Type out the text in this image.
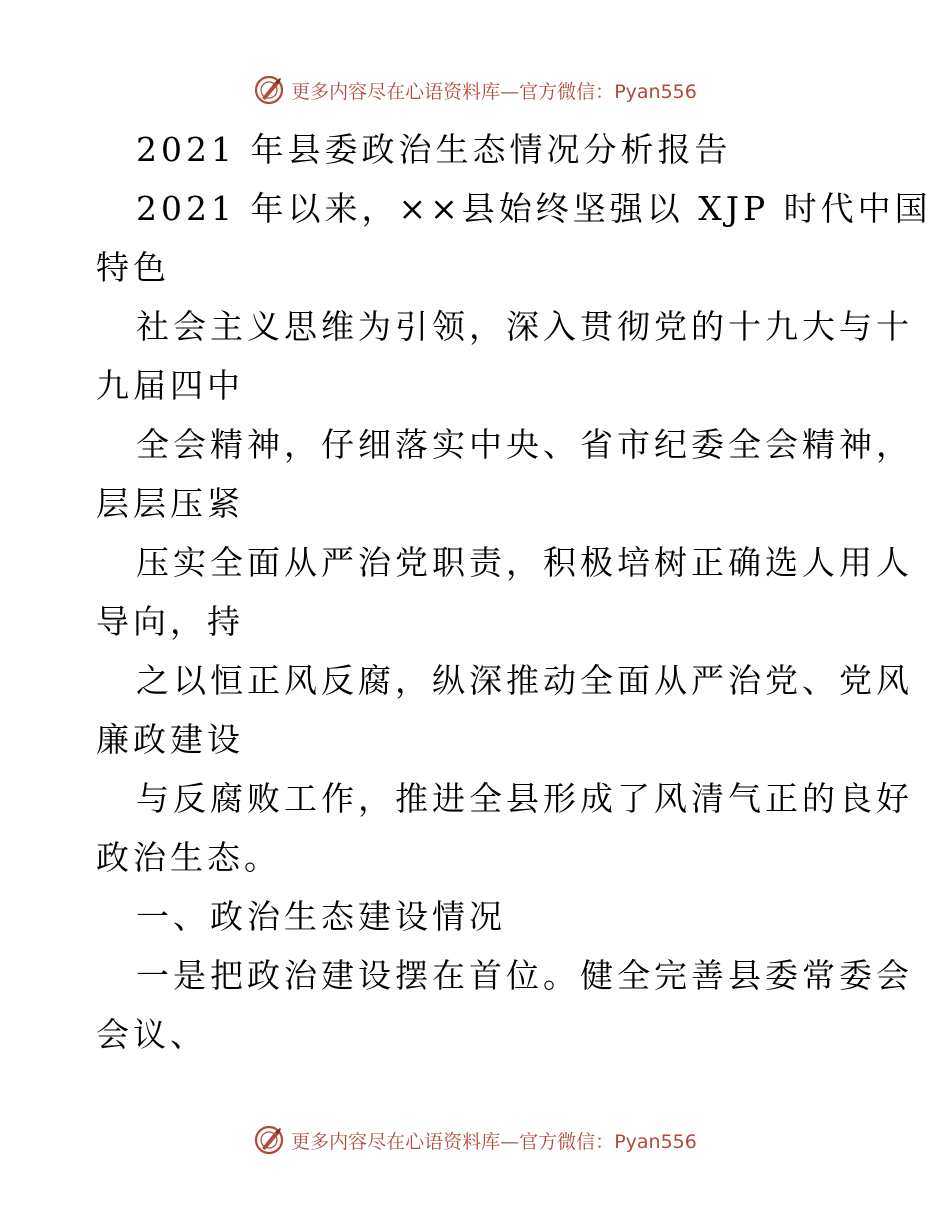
更多内容尽在心语资料库—官方微信：Pyan556
2021 年县委政治生态情况分析报告
2021 年以来，××县始终坚强以 XJP 时代中国
特色
社会主义思维为引领，深入贯彻党的十九大与十
九届四中
全会精神，仔细落实中央、省市纪委全会精神，
层层压紧
压实全面从严治党职责，积极培树正确选人用人
导向，持
之以恒正风反腐，纵深推动全面从严治党、党风
廉政建设
与反腐败工作，推进全县形成了风清气正的良好
政治生态。
一、政治生态建设情况
一是把政治建设摆在首位。健全完善县委常委会
会议、
更多内容尽在心语资料库—官方微信：Pyan556
